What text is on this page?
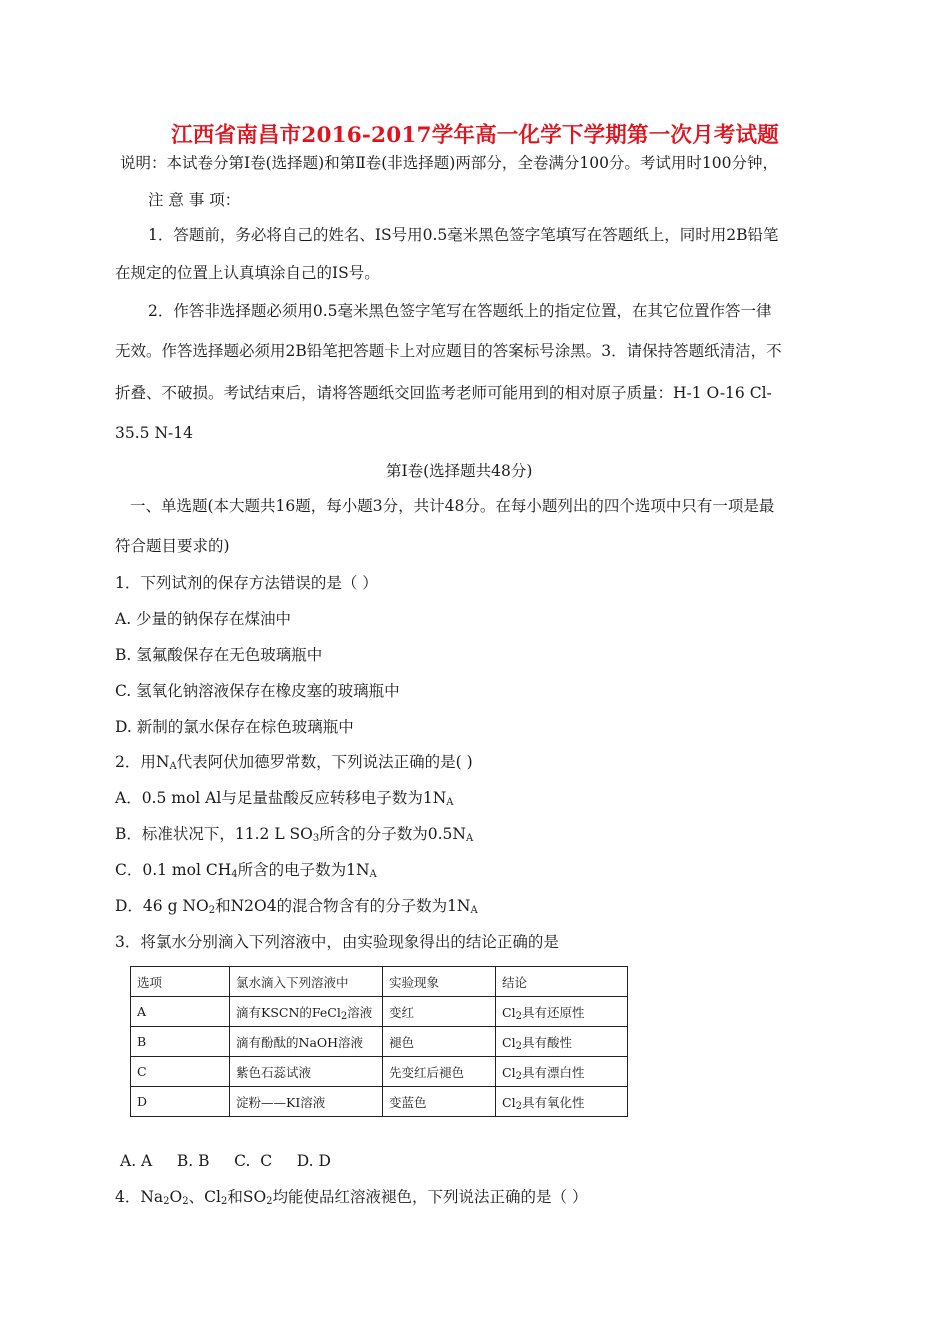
江西省南昌市2016-2017学年高一化学下学期第一次月考试题
说明：本试卷分第Ⅰ卷(选择题)和第Ⅱ卷(非选择题)两部分，全卷满分100分。考试用时100分钟，
注 意 事 项：
1．答题前，务必将自己的姓名、IS号用0.5毫米黑色签字笔填写在答题纸上，同时用2B铅笔
在规定的位置上认真填涂自己的IS号。
2．作答非选择题必须用0.5毫米黑色签字笔写在答题纸上的指定位置，在其它位置作答一律
无效。作答选择题必须用2B铅笔把答题卡上对应题目的答案标号涂黑。3．请保持答题纸清洁，不
折叠、不破损。考试结束后，请将答题纸交回监考老师可能用到的相对原子质量：H-1 O-16 Cl-
35.5 N-14
第Ⅰ卷(选择题共48分)
一、单选题(本大题共16题，每小题3分，共计48分。在每小题列出的四个选项中只有一项是最
符合题目要求的)
1．下列试剂的保存方法错误的是（ ）
A. 少量的钠保存在煤油中
B. 氢氟酸保存在无色玻璃瓶中
C. 氢氧化钠溶液保存在橡皮塞的玻璃瓶中
D. 新制的氯水保存在棕色玻璃瓶中
2．用$N_A$代表阿伏加德罗常数，下列说法正确的是( )
A．0.5 mol Al与足量盐酸反应转移电子数为$1N_A$
B．标准状况下，11.2 L $SO_3$所含的分子数为$0.5N_A$
C．0.1 mol $CH_4$所含的电子数为$1N_A$
D．46 g $NO_2$和N2O4的混合物含有的分子数为$1N_A$
3．将氯水分别滴入下列溶液中，由实验现象得出的结论正确的是
选项	氯水滴入下列溶液中	实验现象	结论
A	滴有KSCN的FeCl$_2$溶液	变红	$Cl_2$具有还原性
B	滴有酚酞的NaOH溶液	褪色	$Cl_2$具有酸性
C	紫色石蕊试液	先变红后褪色	$Cl_2$具有漂白性
D	淀粉——KI溶液	变蓝色	$Cl_2$具有氧化性
A. A     B. B     C.  C     D. D
4．$Na_2O_2$、$Cl_2$和$SO_2$均能使品红溶液褪色，下列说法正确的是（ ）
